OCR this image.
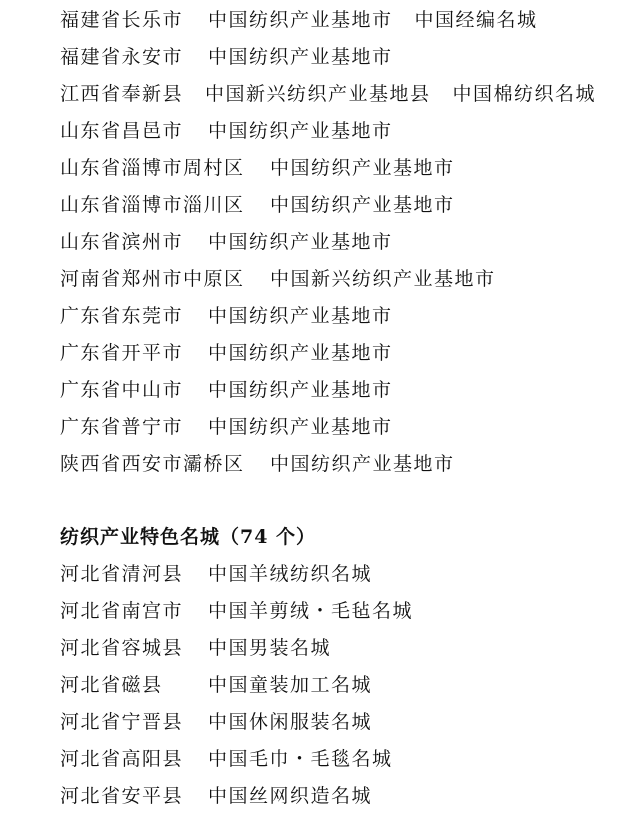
福建省长乐市 中国纺织产业基地市 中国经编名城
福建省永安市 中国纺织产业基地市
江西省奉新县 中国新兴纺织产业基地县 中国棉纺织名城
山东省昌邑市 中国纺织产业基地市
山东省淄博市周村区 中国纺织产业基地市
山东省淄博市淄川区 中国纺织产业基地市
山东省滨州市 中国纺织产业基地市
河南省郑州市中原区 中国新兴纺织产业基地市
广东省东莞市 中国纺织产业基地市
广东省开平市 中国纺织产业基地市
广东省中山市 中国纺织产业基地市
广东省普宁市 中国纺织产业基地市
陕西省西安市灞桥区 中国纺织产业基地市
纺织产业特色名城（74 个）
河北省清河县 中国羊绒纺织名城
河北省南宫市 中国羊剪绒・毛毡名城
河北省容城县 中国男装名城
河北省磁县	中国童装加工名城
河北省宁晋县 中国休闲服装名城
河北省高阳县 中国毛巾・毛毯名城
河北省安平县 中国丝网织造名城
